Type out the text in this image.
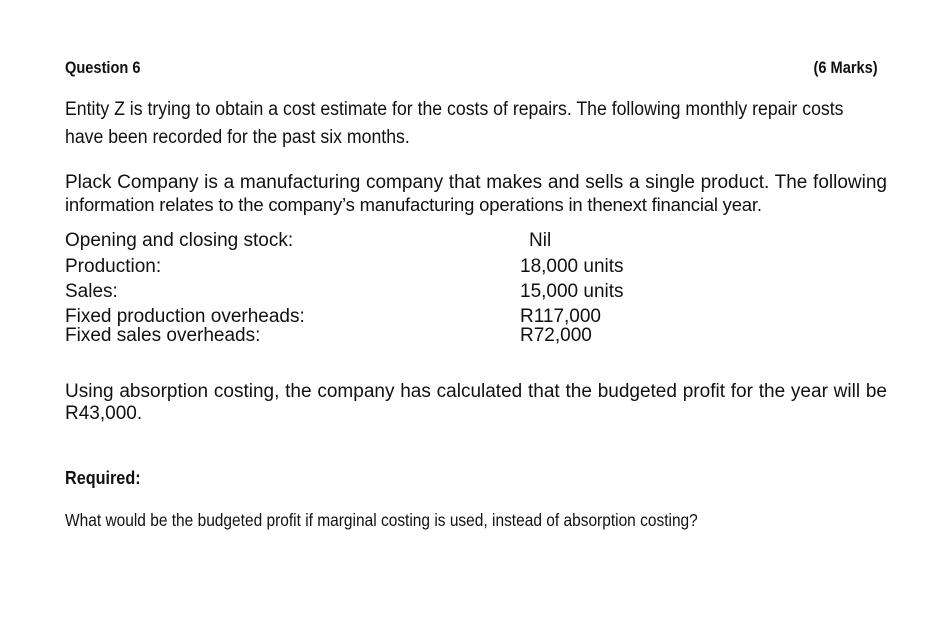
Question 6	(6 Marks)
Entity Z is trying to obtain a cost estimate for the costs of repairs. The following monthly repair costs
have been recorded for the past six months.
Plack Company is a manufacturing company that makes and sells a single product. The following
information relates to the company’s manufacturing operations in thenext financial year.
Opening and closing stock:	Nil
Production:	18,000 units
Sales:	15,000 units
Fixed production overheads:	R117,000
Fixed sales overheads:	R72,000
Using absorption costing, the company has calculated that the budgeted profit for the year will be
R43,000.
Required:
What would be the budgeted profit if marginal costing is used, instead of absorption costing?
